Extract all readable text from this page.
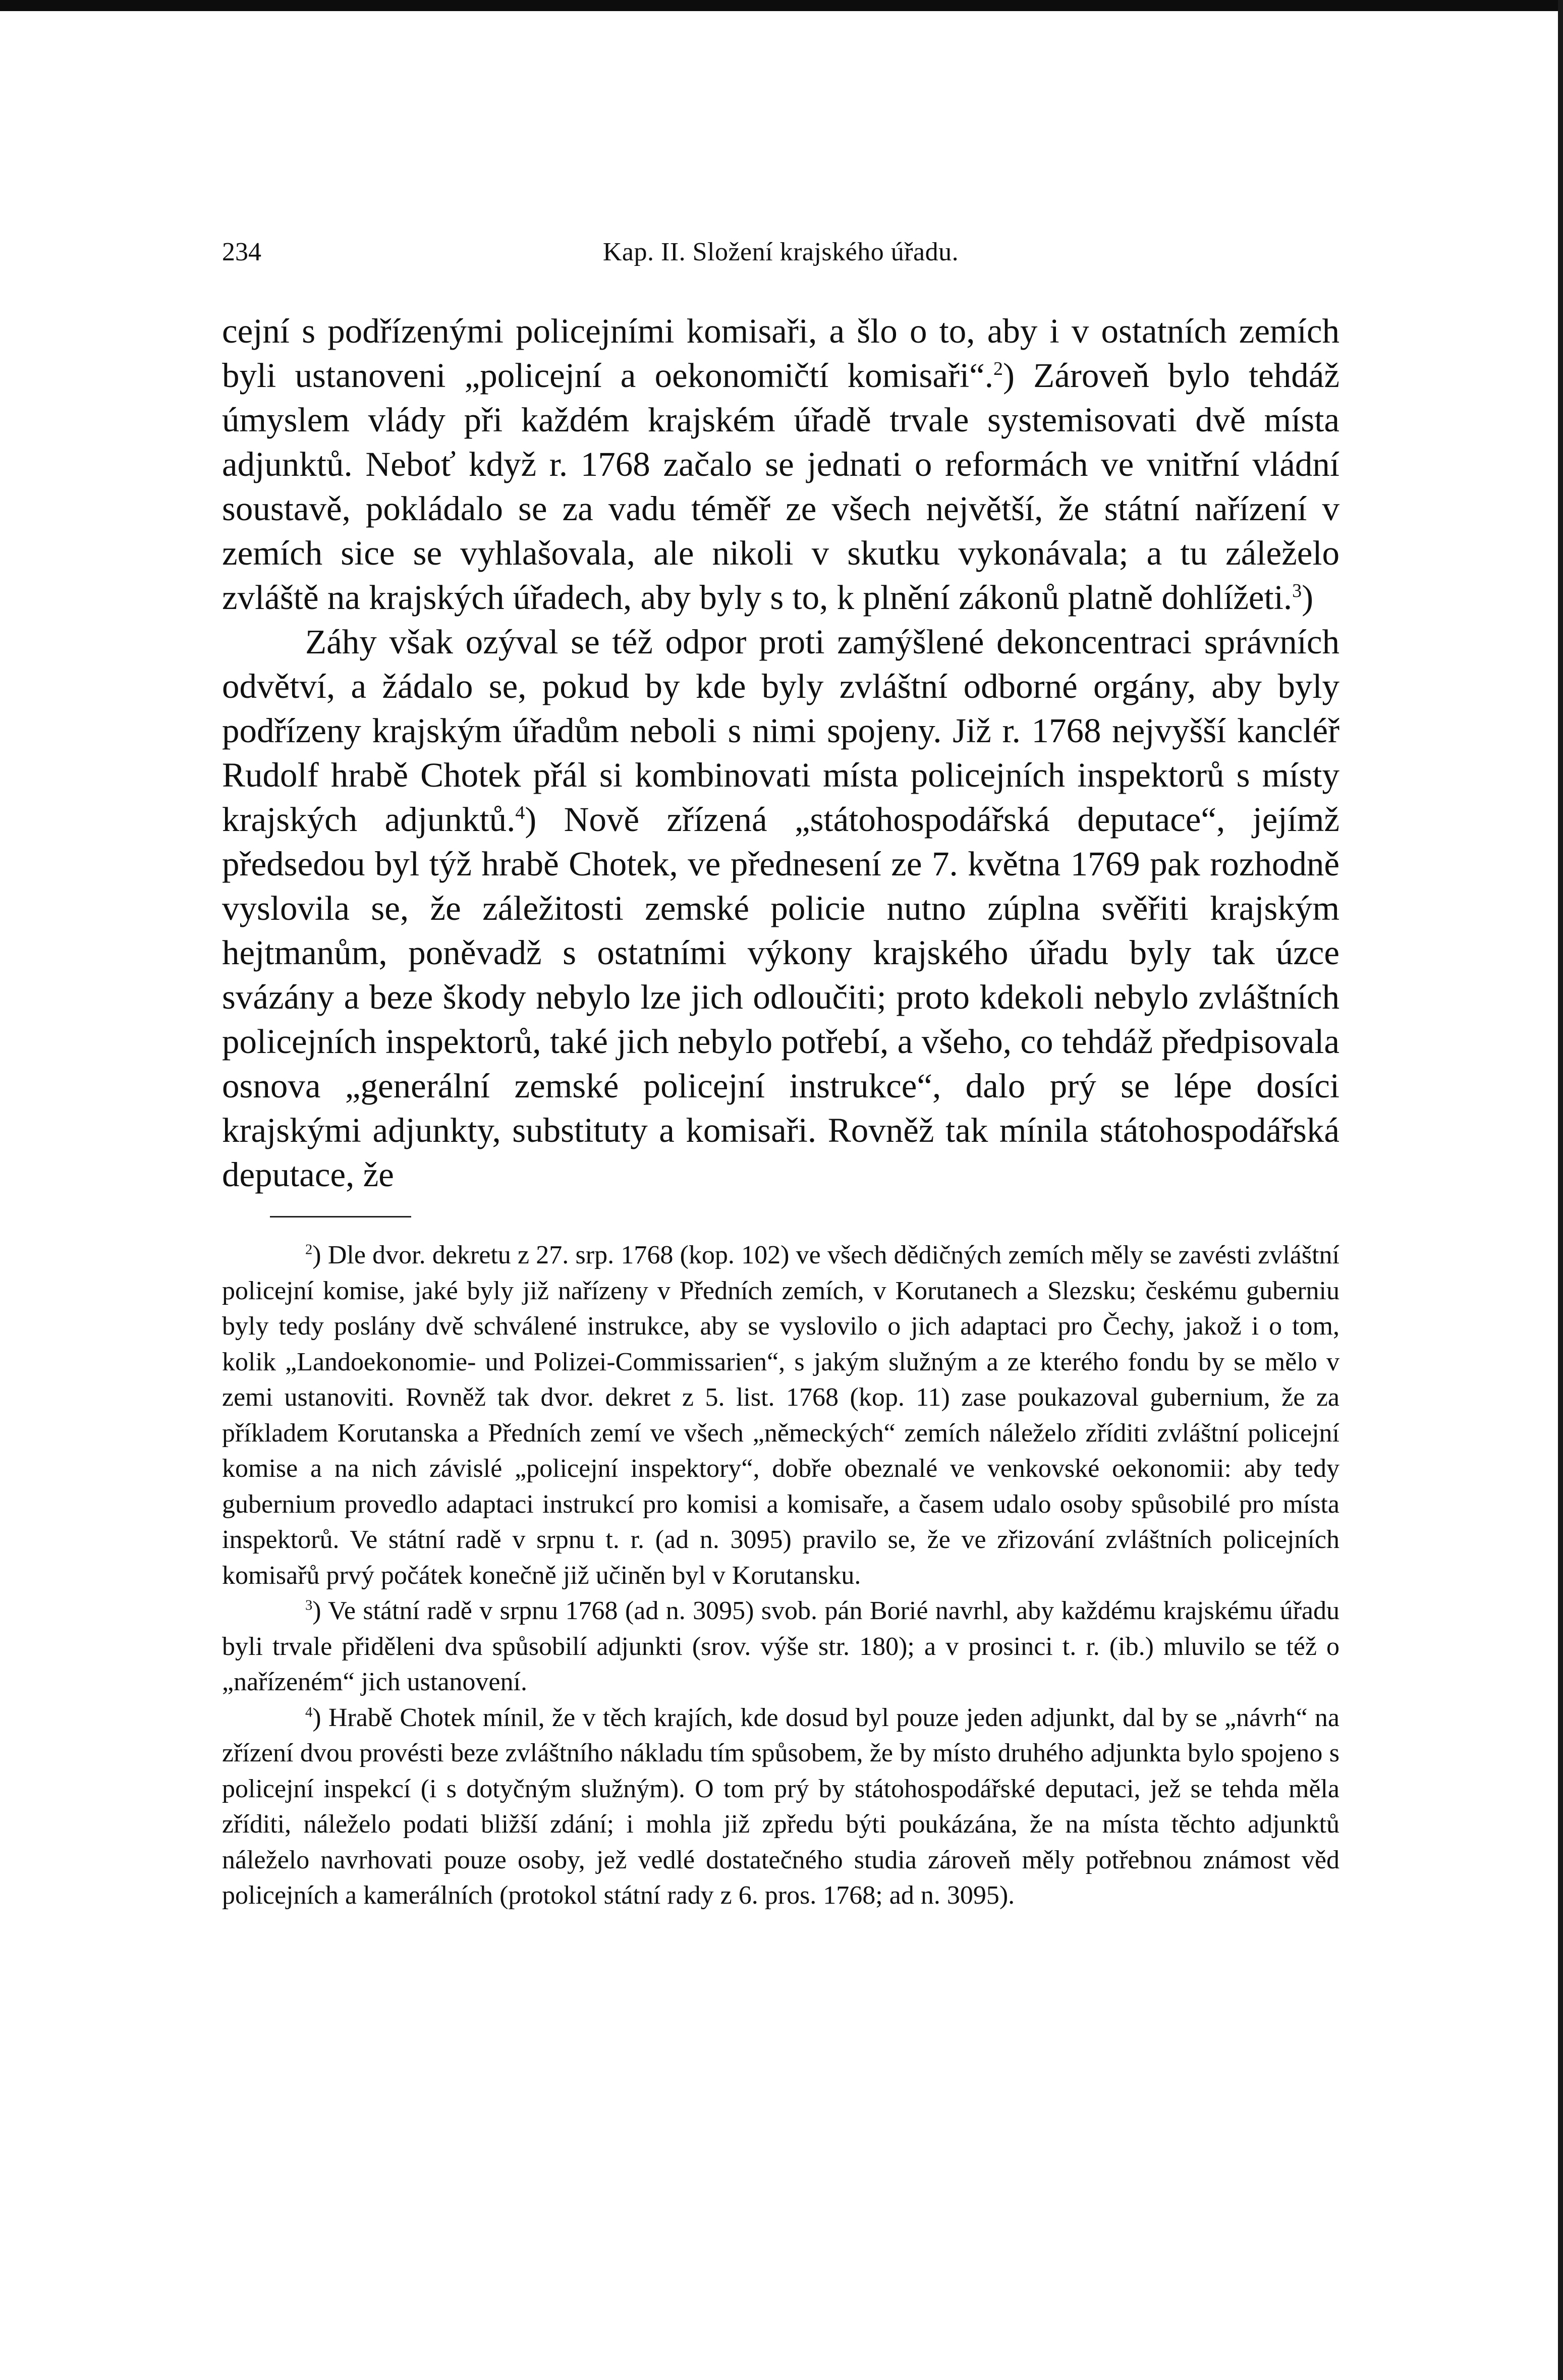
234	Kap. II. Složení krajského úřadu.

cejní s podřízenými policejními komisaři, a šlo o to, aby i v ostatních zemích byli ustanoveni „policejní a oekonomičtí komisaři“.$^2$) Zároveň bylo tehdáž úmyslem vlády při každém krajském úřadě trvale systemisovati dvě místa adjunktů. Neboť když r. 1768 začalo se jednati o reformách ve vnitřní vládní soustavě, pokládalo se za vadu téměř ze všech největší, že státní nařízení v zemích sice se vyhlašovala, ale nikoli v skutku vykonávala; a tu záleželo zvláště na krajských úřadech, aby byly s to, k plnění zákonů platně dohlížeti.$^3$)

Záhy však ozýval se též odpor proti zamýšlené dekoncentraci správních odvětví, a žádalo se, pokud by kde byly zvláštní odborné orgány, aby byly podřízeny krajským úřadům neboli s nimi spojeny. Již r. 1768 nejvyšší kancléř Rudolf hrabě Chotek přál si kombinovati místa policejních inspektorů s místy krajských adjunktů.$^4$) Nově zřízená „státohospodářská deputace“, jejímž předsedou byl týž hrabě Chotek, ve přednesení ze 7. května 1769 pak rozhodně vyslovila se, že záležitosti zemské policie nutno zúplna svěřiti krajským hejtmanům, poněvadž s ostatními výkony krajského úřadu byly tak úzce svázány a beze škody nebylo lze jich odloučiti; proto kdekoli nebylo zvláštních policejních inspektorů, také jich nebylo potřebí, a všeho, co tehdáž předpisovala osnova „generální zemské policejní instrukce“, dalo prý se lépe dosíci krajskými adjunkty, substituty a komisaři. Rovněž tak mínila státohospodářská deputace, že

$^2$) Dle dvor. dekretu z 27. srp. 1768 (kop. 102) ve všech dědičných zemích měly se zavésti zvláštní policejní komise, jaké byly již nařízeny v Předních zemích, v Korutanech a Slezsku; českému guberniu byly tedy poslány dvě schválené instrukce, aby se vyslovilo o jich adaptaci pro Čechy, jakož i o tom, kolik „Landoekonomie- und Polizei-Commissarien“, s jakým služným a ze kterého fondu by se mělo v zemi ustanoviti. Rovněž tak dvor. dekret z 5. list. 1768 (kop. 11) zase poukazoval gubernium, že za příkladem Korutanska a Předních zemí ve všech „německých“ zemích náleželo zříditi zvláštní policejní komise a na nich závislé „policejní inspektory“, dobře obeznalé ve venkovské oekonomii: aby tedy gubernium provedlo adaptaci instrukcí pro komisi a komisaře, a časem udalo osoby spůsobilé pro místa inspektorů. Ve státní radě v srpnu t. r. (ad n. 3095) pravilo se, že ve zřizování zvláštních policejních komisařů prvý počátek konečně již učiněn byl v Korutansku.

$^3$) Ve státní radě v srpnu 1768 (ad n. 3095) svob. pán Borié navrhl, aby každému krajskému úřadu byli trvale přiděleni dva spůsobilí adjunkti (srov. výše str. 180); a v prosinci t. r. (ib.) mluvilo se též o „nařízeném“ jich ustanovení.

$^4$) Hrabě Chotek mínil, že v těch krajích, kde dosud byl pouze jeden adjunkt, dal by se „návrh“ na zřízení dvou provésti beze zvláštního nákladu tím spůsobem, že by místo druhého adjunkta bylo spojeno s policejní inspekcí (i s dotyčným služným). O tom prý by státohospodářské deputaci, jež se tehda měla zříditi, náleželo podati bližší zdání; i mohla již zpředu býti poukázána, že na místa těchto adjunktů náleželo navrhovati pouze osoby, jež vedlé dostatečného studia zároveň měly potřebnou známost věd policejních a kamerálních (protokol státní rady z 6. pros. 1768; ad n. 3095).
